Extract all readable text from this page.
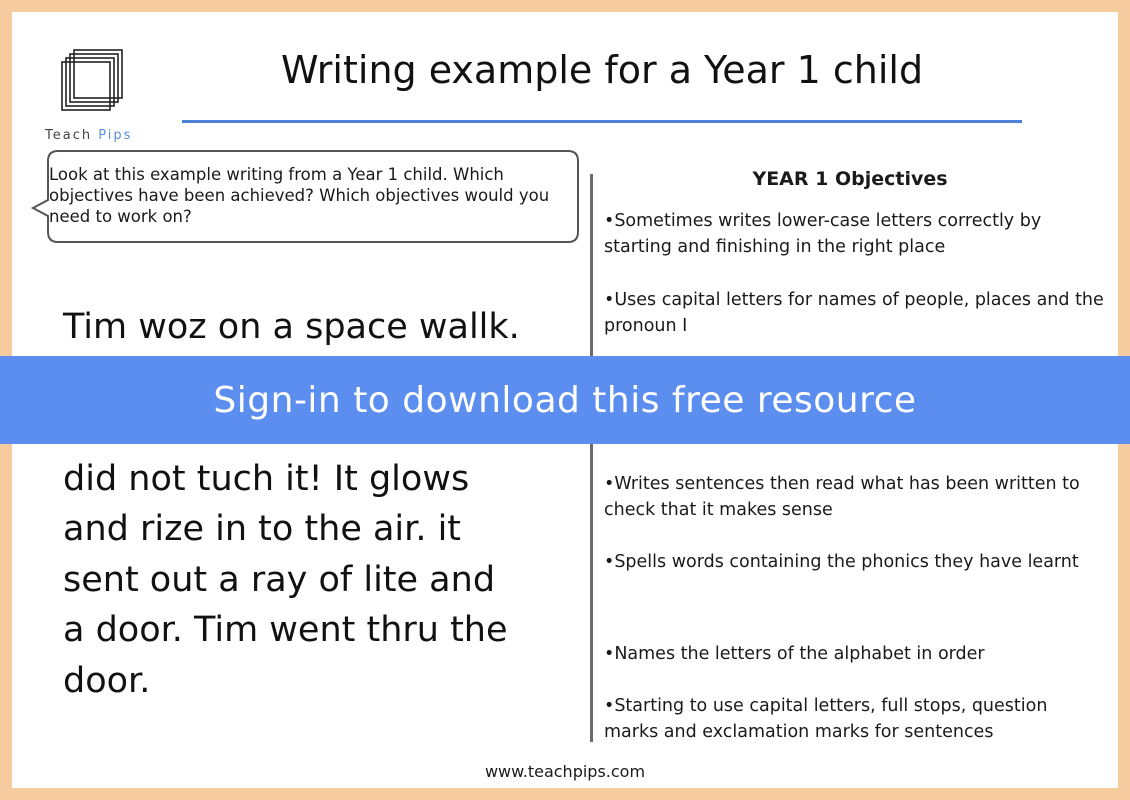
Teach Pips
Writing example for a Year 1 child
Look at this example writing from a Year 1 child. Which objectives have been achieved? Which objectives would you need to work on?
Tim woz on a space wallk.
did not tuch it! It glows
and rize in to the air. it
sent out a ray of lite and
a door. Tim went thru the
door.
YEAR 1 Objectives
•Sometimes writes lower-case letters correctly by starting and finishing in the right place
•Uses capital letters for names of people, places and the pronoun I
•Writes sentences then read what has been written to check that it makes sense
•Spells words containing the phonics they have learnt
•Names the letters of the alphabet in order
•Starting to use capital letters, full stops, question marks and exclamation marks for sentences
www.teachpips.com
Sign-in to download this free resource
